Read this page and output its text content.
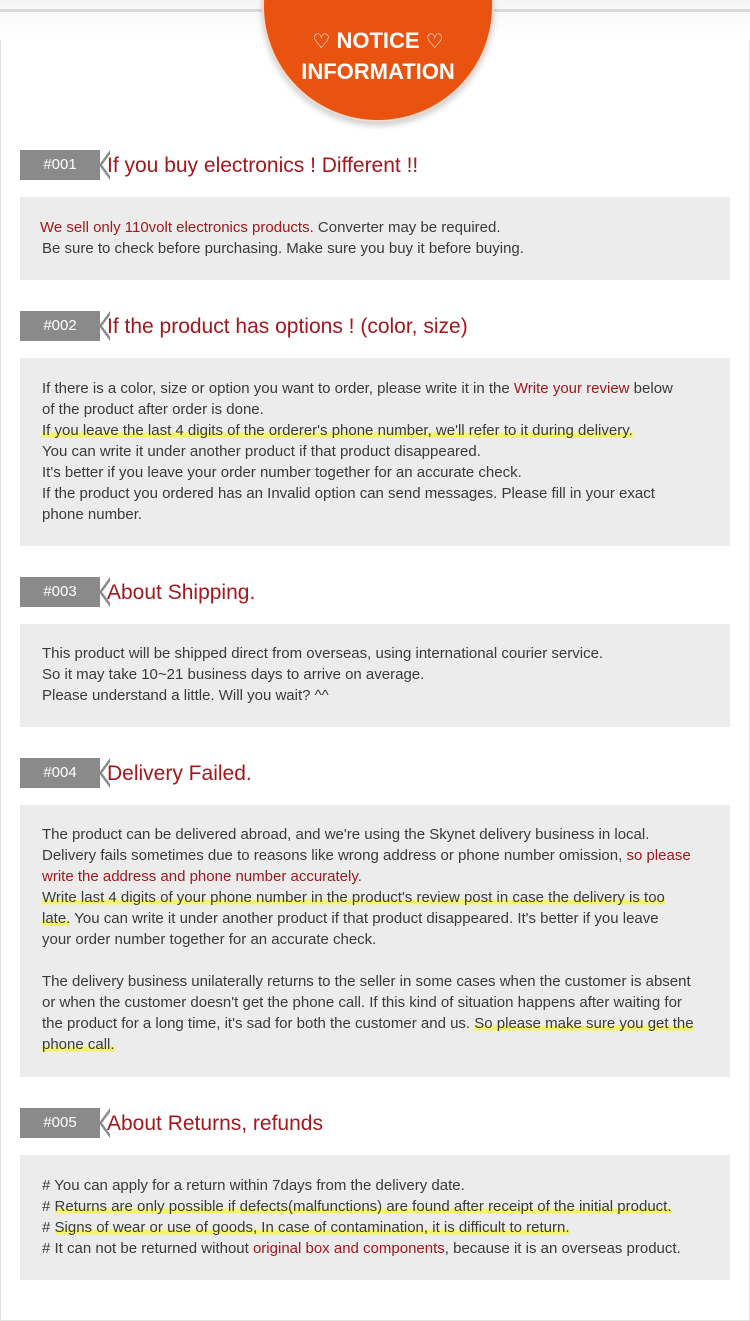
♡ NOTICE ♡
INFORMATION
#001	If you buy electronics ! Different !!

We sell only 110volt electronics products. Converter may be required.

Be sure to check before purchasing. Make sure you buy it before buying.

#002	If the product has options ! (color, size)

If there is a color, size or option you want to order, please write it in the Write your review below

of the product after order is done.

If you leave the last 4 digits of the orderer's phone number, we'll refer to it during delivery.

You can write it under another product if that product disappeared.

It's better if you leave your order number together for an accurate check.

If the product you ordered has an Invalid option can send messages. Please fill in your exact

phone number.

#003	About Shipping.

This product will be shipped direct from overseas, using international courier service.

So it may take 10~21 business days to arrive on average.

Please understand a little. Will you wait? ^^

#004	Delivery Failed.

The product can be delivered abroad, and we're using the Skynet delivery business in local.

Delivery fails sometimes due to reasons like wrong address or phone number omission, so please

write the address and phone number accurately.

Write last 4 digits of your phone number in the product's review post in case the delivery is too

late. You can write it under another product if that product disappeared. It's better if you leave

your order number together for an accurate check.

The delivery business unilaterally returns to the seller in some cases when the customer is absent

or when the customer doesn't get the phone call. If this kind of situation happens after waiting for

the product for a long time, it's sad for both the customer and us. So please make sure you get the

phone call.

#005	About Returns, refunds

# You can apply for a return within 7days from the delivery date.

# Returns are only possible if defects(malfunctions) are found after receipt of the initial product.

# Signs of wear or use of goods, In case of contamination, it is difficult to return.

# It can not be returned without original box and components, because it is an overseas product.
